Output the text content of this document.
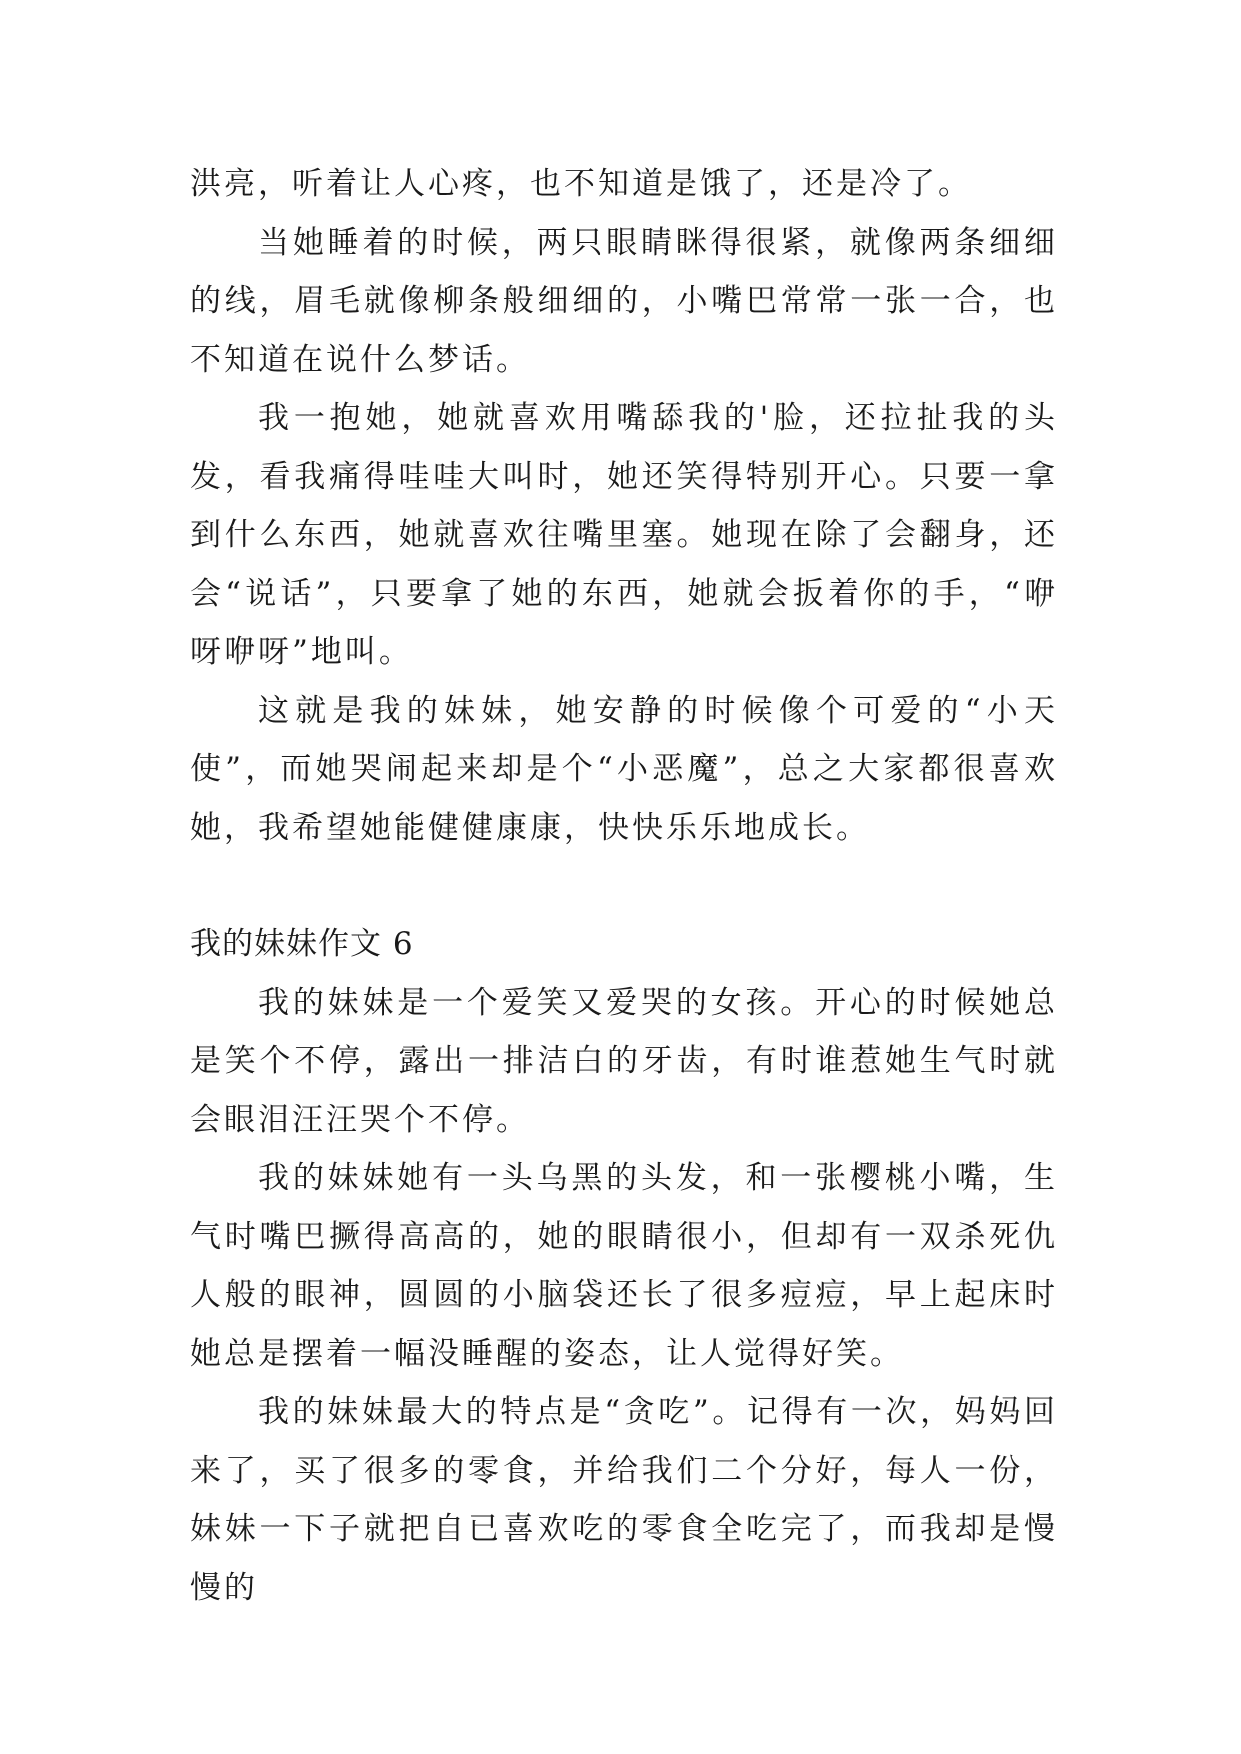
洪亮，听着让人心疼，也不知道是饿了，还是冷了。

当她睡着的时候，两只眼睛眯得很紧，就像两条细细的线，眉毛就像柳条般细细的，小嘴巴常常一张一合，也不知道在说什么梦话。

我一抱她，她就喜欢用嘴舔我的'脸，还拉扯我的头发，看我痛得哇哇大叫时，她还笑得特别开心。只要一拿到什么东西，她就喜欢往嘴里塞。她现在除了会翻身，还会“说话”，只要拿了她的东西，她就会扳着你的手，“咿呀咿呀”地叫。

这就是我的妹妹，她安静的时候像个可爱的“小天使”，而她哭闹起来却是个“小恶魔”，总之大家都很喜欢她，我希望她能健健康康，快快乐乐地成长。

我的妹妹作文 6

我的妹妹是一个爱笑又爱哭的女孩。开心的时候她总是笑个不停，露出一排洁白的牙齿，有时谁惹她生气时就会眼泪汪汪哭个不停。

我的妹妹她有一头乌黑的头发，和一张樱桃小嘴，生气时嘴巴撅得高高的，她的眼睛很小，但却有一双杀死仇人般的眼神，圆圆的小脑袋还长了很多痘痘，早上起床时她总是摆着一幅没睡醒的姿态，让人觉得好笑。

我的妹妹最大的特点是“贪吃”。记得有一次，妈妈回来了，买了很多的零食，并给我们二个分好，每人一份，妹妹一下子就把自已喜欢吃的零食全吃完了，而我却是慢慢的
